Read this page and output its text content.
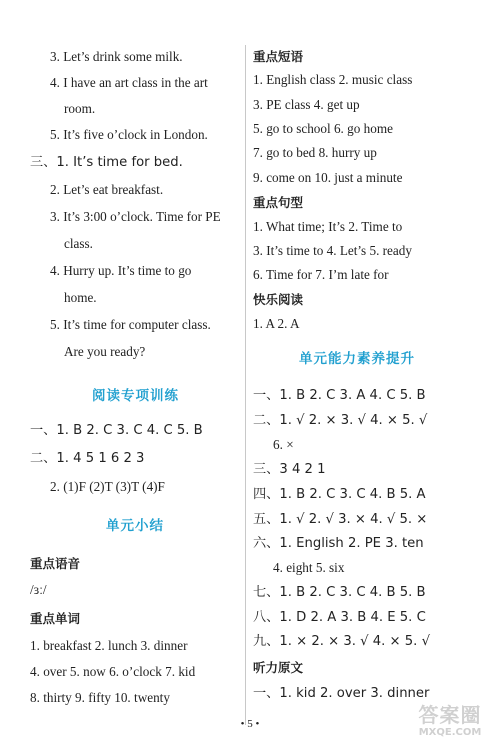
3. Let’s drink some milk.
4. I have an art class in the art
room.
5. It’s five o’clock in London.
三、1. It’s time for bed.
2. Let’s eat breakfast.
3. It’s 3:00 o’clock. Time for PE
class.
4. Hurry up. It’s time to go
home.
5. It’s time for computer class.
Are you ready?
阅读专项训练
一、1. B 2. C 3. C 4. C 5. B
二、1. 4 5 1 6 2 3
2. (1)F (2)T (3)T (4)F
单元小结
重点语音
/ɜː/
重点单词
1. breakfast 2. lunch 3. dinner
4. over 5. now 6. o’clock 7. kid
8. thirty 9. fifty 10. twenty
重点短语
1. English class 2. music class
3. PE class 4. get up
5. go to school 6. go home
7. go to bed 8. hurry up
9. come on 10. just a minute
重点句型
1. What time; It’s 2. Time to
3. It’s time to 4. Let’s 5. ready
6. Time for 7. I’m late for
快乐阅读
1. A 2. A
单元能力素养提升
一、1. B 2. C 3. A 4. C 5. B
二、1. √ 2. × 3. √ 4. × 5. √
6. ×
三、3 4 2 1
四、1. B 2. C 3. C 4. B 5. A
五、1. √ 2. √ 3. × 4. √ 5. ×
六、1. English 2. PE 3. ten
4. eight 5. six
七、1. B 2. C 3. C 4. B 5. B
八、1. D 2. A 3. B 4. E 5. C
九、1. × 2. × 3. √ 4. × 5. √
听力原文
一、1. kid 2. over 3. dinner
• 5 •	答案圈
MXQE.COM
